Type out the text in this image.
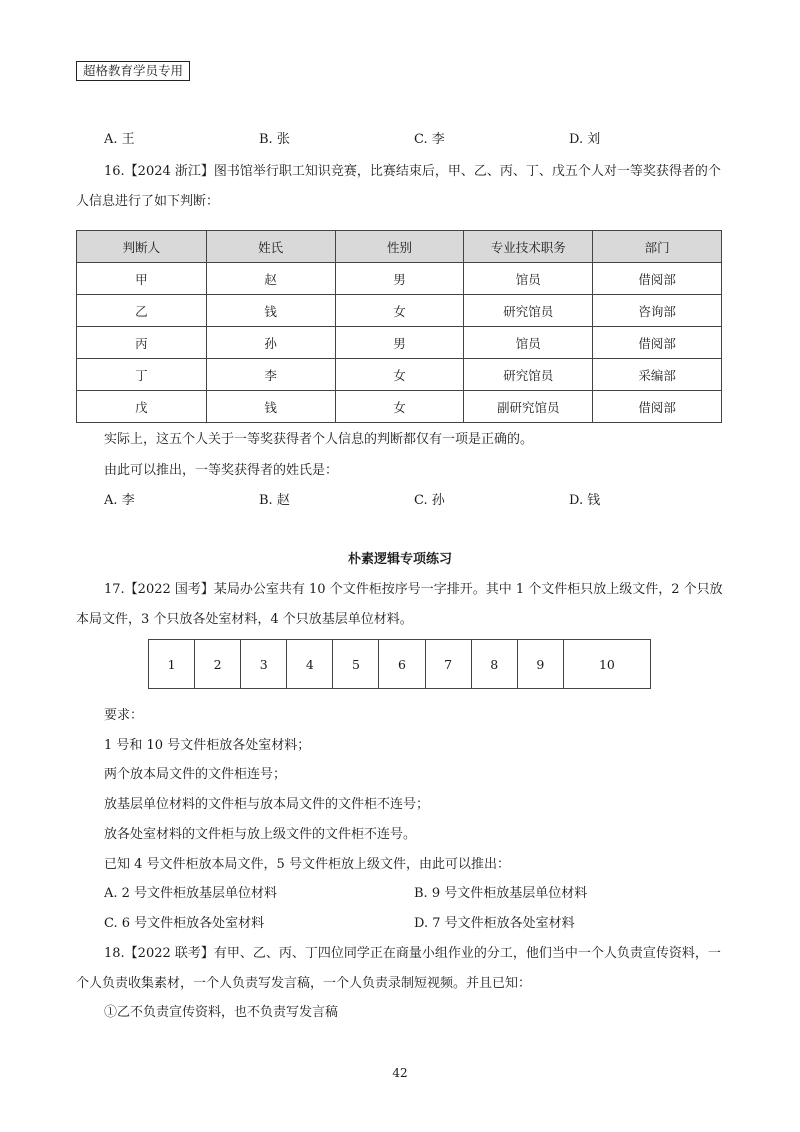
超格教育学员专用
A. 王	B. 张	C. 李	D. 刘
16.【2024 浙江】图书馆举行职工知识竞赛，比赛结束后，甲、乙、丙、丁、戊五个人对一等奖获得者的个
人信息进行了如下判断：
判断人	姓氏	性别	专业技术职务	部门
甲	赵	男	馆员	借阅部
乙	钱	女	研究馆员	咨询部
丙	孙	男	馆员	借阅部
丁	李	女	研究馆员	采编部
戊	钱	女	副研究馆员	借阅部
实际上，这五个人关于一等奖获得者个人信息的判断都仅有一项是正确的。
由此可以推出，一等奖获得者的姓氏是：
A. 李	B. 赵	C. 孙	D. 钱
朴素逻辑专项练习
17.【2022 国考】某局办公室共有 10 个文件柜按序号一字排开。其中 1 个文件柜只放上级文件，2 个只放
本局文件，3 个只放各处室材料，4 个只放基层单位材料。
1	2	3	4	5	6	7	8	9	10
要求：
1 号和 10 号文件柜放各处室材料；
两个放本局文件的文件柜连号；
放基层单位材料的文件柜与放本局文件的文件柜不连号；
放各处室材料的文件柜与放上级文件的文件柜不连号。
已知 4 号文件柜放本局文件，5 号文件柜放上级文件，由此可以推出：
A. 2 号文件柜放基层单位材料	B. 9 号文件柜放基层单位材料
C. 6 号文件柜放各处室材料	D. 7 号文件柜放各处室材料
18.【2022 联考】有甲、乙、丙、丁四位同学正在商量小组作业的分工，他们当中一个人负责宣传资料，一
个人负责收集素材，一个人负责写发言稿，一个人负责录制短视频。并且已知：
①乙不负责宣传资料，也不负责写发言稿
42
